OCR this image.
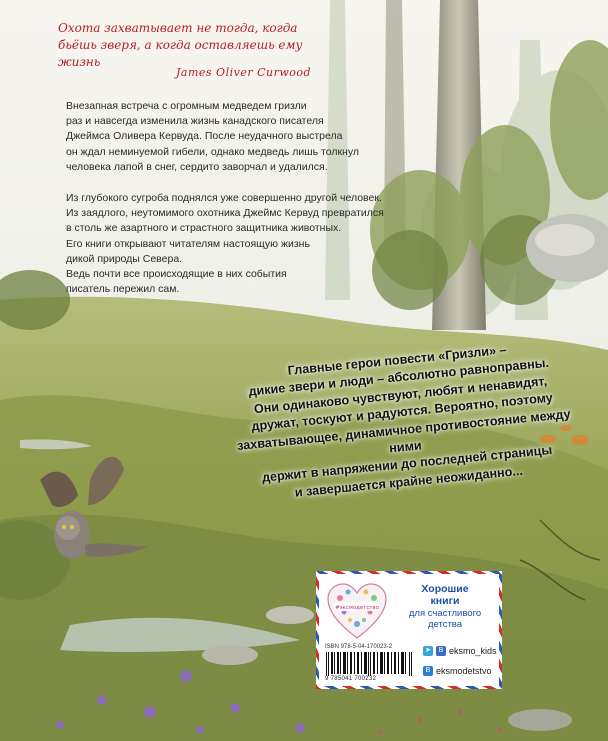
Охота захватывает не тогда, когда бьёшь зверя, а когда оставляешь ему жизнь
James Oliver Curwood
Внезапная встреча с огромным медведем гризли
раз и навсегда изменила жизнь канадского писателя
Джеймса Оливера Кервуда. После неудачного выстрела
он ждал неминуемой гибели, однако медведь лишь толкнул
человека лапой в снег, сердито заворчал и удалился.
Из глубокого сугроба поднялся уже совершенно другой человек.
Из заядлого, неутомимого охотника Джеймс Кервуд превратился
в столь же азартного и страстного защитника животных.
Его книги открывают читателям настоящую жизнь
дикой природы Севера.
Ведь почти все происходящие в них события
писатель пережил сам.
Главные герои повести «Гризли» –
дикие звери и люди – абсолютно равноправны.
Они одинаково чувствуют, любят и ненавидят,
дружат, тоскуют и радуются. Вероятно, поэтому
захватывающее, динамичное противостояние между ними
держит в напряжении до последней страницы
и завершается крайне неожиданно...
#эксмодетство
Хорошие
книги
для счастливого
детства
ISBN 978-5-04-170023-2
9 785041 700232
➤	B eksmo_kids
B eksmodetstvo
